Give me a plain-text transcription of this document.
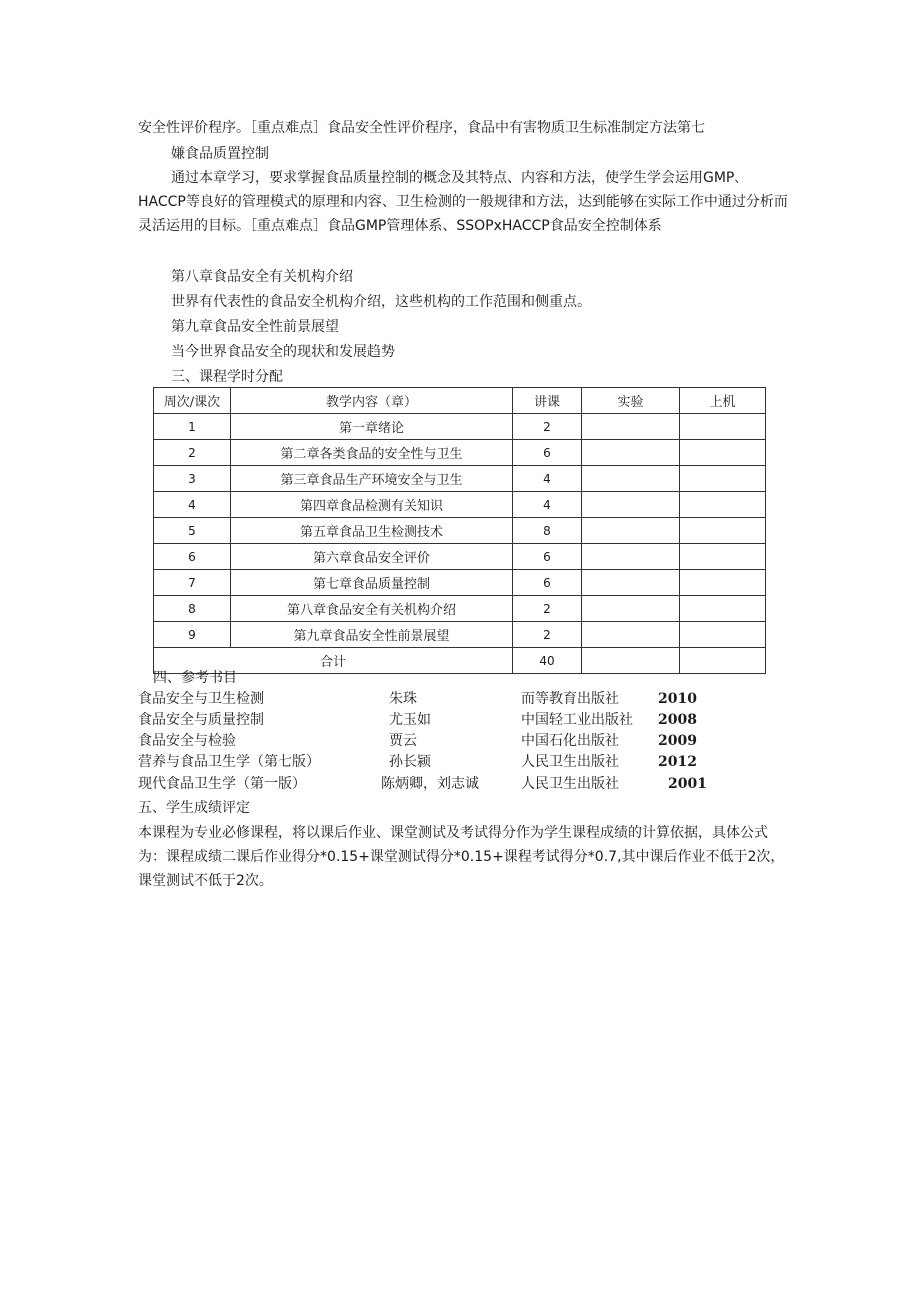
安全性评价程序。［重点难点］食品安全性评价程序，食品中有害物质卫生标准制定方法第七
嫌食品质置控制
通过本章学习，要求掌握食品质量控制的概念及其特点、内容和方法，使学生学会运用GMP､HACCP等良好的管理模式的原理和内容、卫生检测的一般规律和方法，达到能够在实际工作中通过分析而灵活运用的目标。［重点难点］食品GMP管理体系、SSOPxHACCP食品安全控制体系
第八章食品安全有关机构介绍
世界有代表性的食品安全机构介绍，这些机构的工作范围和侧重点。
第九章食品安全性前景展望
当今世界食品安全的现状和发展趋势
三、课程学时分配
周次/课次	教学内容（章）	讲课	实验	上机
1	第一章绪论	2		
2	第二章各类食品的安全性与卫生	6		
3	第三章食品生产环境安全与卫生	4		
4	第四章食品检测有关知识	4		
5	第五章食品卫生检测技术	8		
6	第六章食品安全评价	6		
7	第七章食品质量控制	6		
8	第八章食品安全有关机构介绍	2		
9	第九章食品安全性前景展望	2		
合计		40		
四、参考书目
食品安全与卫生检测	朱珠	而等教育出版社	2010
食品安全与质量控制	尤玉如	中国轻工业出版社 2008
食品安全与检验	贾云	中国石化出版社	2009
营养与食品卫生学（第七版）	孙长颍	人民卫生出版社	2012
现代食品卫生学（第一版）	陈炳卿，刘志诚	人民卫生出版社	2001
五、学生成绩评定
本课程为专业必修课程，将以课后作业、课堂测试及考试得分作为学生课程成绩的计算依据，具体公式为：课程成绩二课后作业得分*0.15+课堂测试得分*0.15+课程考试得分*0.7,其中课后作业不低于2次，课堂测试不低于2次。
